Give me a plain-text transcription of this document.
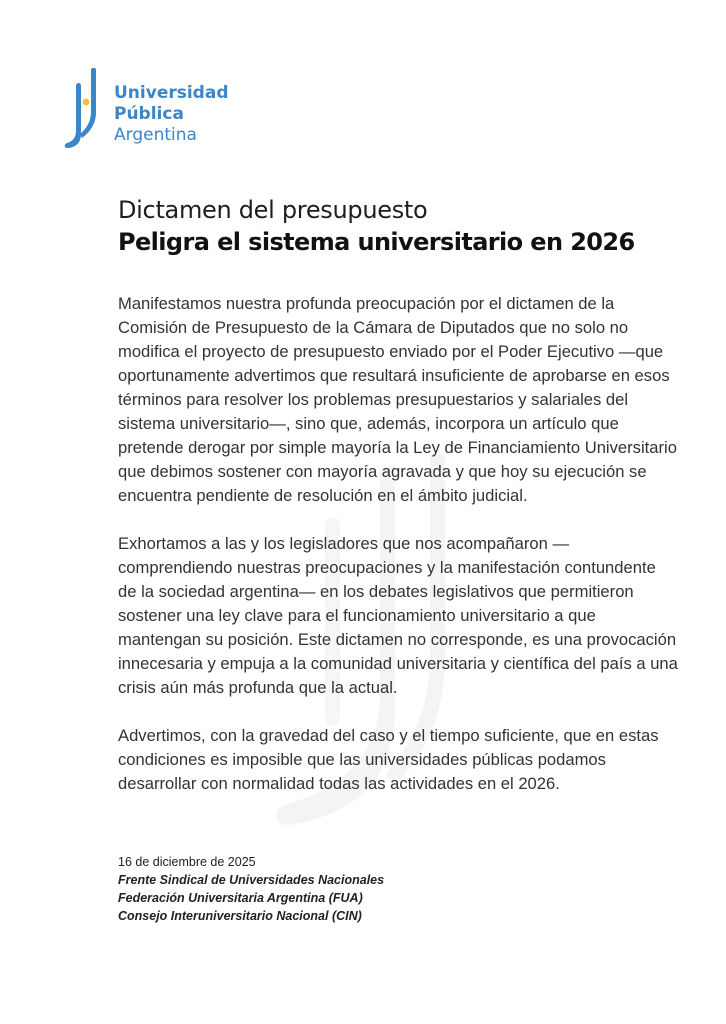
Universidad
Pública
Argentina
Dictamen del presupuesto
Peligra el sistema universitario en 2026

Manifestamos nuestra profunda preocupación por el dictamen de la Comisión de Presupuesto de la Cámara de Diputados que no solo no modifica el proyecto de presupuesto enviado por el Poder Ejecutivo —que oportunamente advertimos que resultará insuficiente de aprobarse en esos términos para resolver los problemas presupuestarios y salariales del sistema universitario—, sino que, además, incorpora un artículo que pretende derogar por simple mayoría la Ley de Financiamiento Universitario que debimos sostener con mayoría agravada y que hoy su ejecución se encuentra pendiente de resolución en el ámbito judicial.

Exhortamos a las y los legisladores que nos acompañaron —comprendiendo nuestras preocupaciones y la manifestación contundente de la sociedad argentina— en los debates legislativos que permitieron sostener una ley clave para el funcionamiento universitario a que mantengan su posición. Este dictamen no corresponde, es una provocación innecesaria y empuja a la comunidad universitaria y científica del país a una crisis aún más profunda que la actual.

Advertimos, con la gravedad del caso y el tiempo suficiente, que en estas condiciones es imposible que las universidades públicas podamos desarrollar con normalidad todas las actividades en el 2026.

16 de diciembre de 2025
Frente Sindical de Universidades Nacionales
Federación Universitaria Argentina (FUA)
Consejo Interuniversitario Nacional (CIN)
